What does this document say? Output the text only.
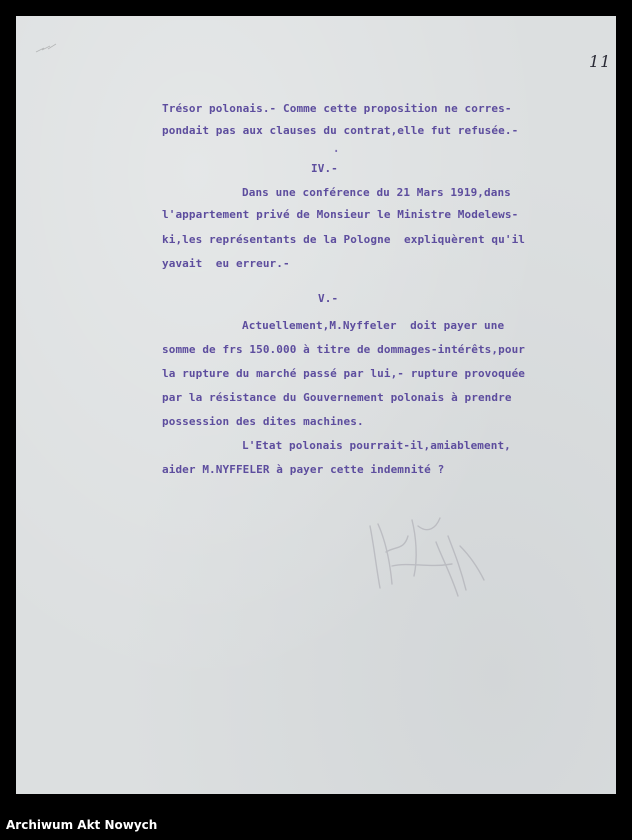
11
Trésor polonais.- Comme cette proposition ne corres-
pondait pas aux clauses du contrat,elle fut refusée.-
·
IV.-
Dans une conférence du 21 Mars 1919,dans
l'appartement privé de Monsieur le Ministre Modelews-
ki,les représentants de la Pologne  expliquèrent qu'il
yavait  eu erreur.-
V.-
Actuellement,M.Nyffeler  doit payer une
somme de frs 150.000 à titre de dommages-intérêts,pour
la rupture du marché passé par lui,- rupture provoquée
par la résistance du Gouvernement polonais à prendre
possession des dites machines.
L'Etat polonais pourrait-il,amiablement,
aider M.NYFFELER à payer cette indemnité ?
Archiwum Akt Nowych
